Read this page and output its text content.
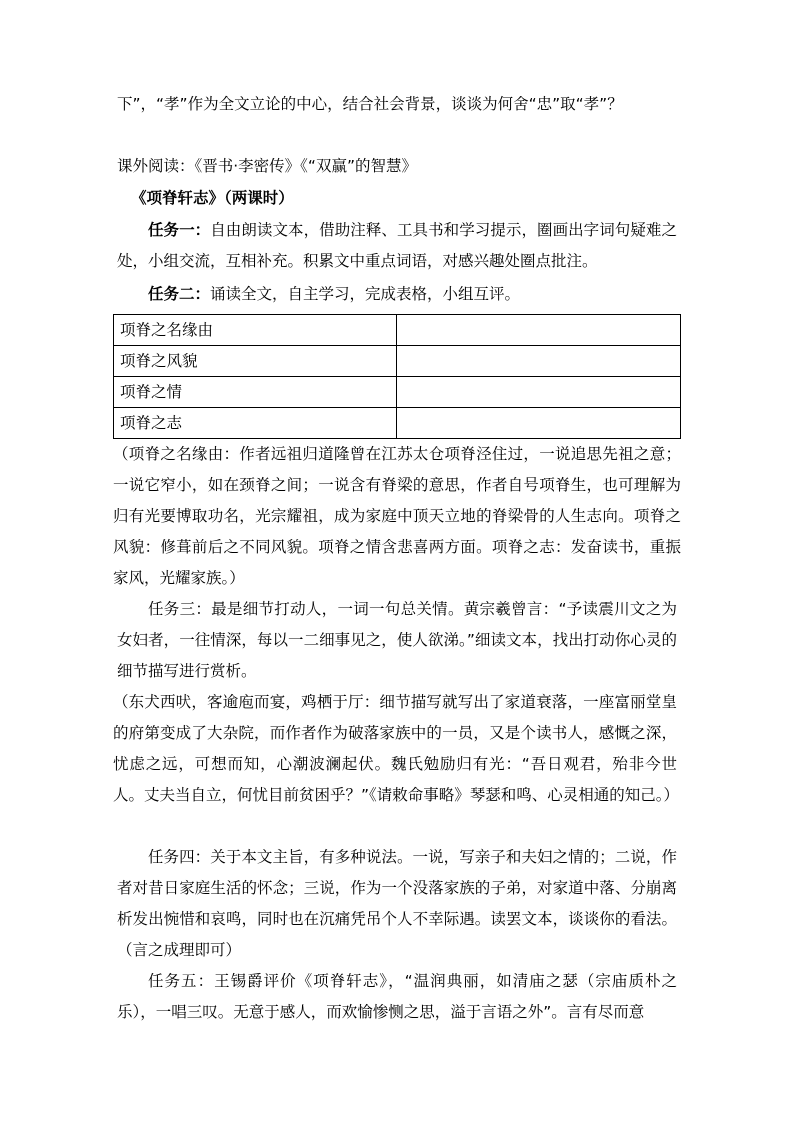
下”，“孝”作为全文立论的中心，结合社会背景，谈谈为何舍“忠”取“孝”？

课外阅读：《晋书·李密传》《“双赢”的智慧》

《项脊轩志》（两课时）

任务一：自由朗读文本，借助注释、工具书和学习提示，圈画出字词句疑难之处，小组交流，互相补充。积累文中重点词语，对感兴趣处圈点批注。

任务二：诵读全文，自主学习，完成表格，小组互评。

项脊之名缘由	
项脊之风貌	
项脊之情	
项脊之志	

（项脊之名缘由：作者远祖归道隆曾在江苏太仓项脊泾住过，一说追思先祖之意；一说它窄小，如在颈脊之间；一说含有脊梁的意思，作者自号项脊生，也可理解为归有光要博取功名，光宗耀祖，成为家庭中顶天立地的脊梁骨的人生志向。项脊之风貌：修葺前后之不同风貌。项脊之情含悲喜两方面。项脊之志：发奋读书，重振家风，光耀家族。）

任务三：最是细节打动人，一词一句总关情。黄宗羲曾言：“予读震川文之为女妇者，一往情深，每以一二细事见之，使人欲涕。”细读文本，找出打动你心灵的细节描写进行赏析。

（东犬西吠，客逾庖而宴，鸡栖于厅：细节描写就写出了家道衰落，一座富丽堂皇的府第变成了大杂院，而作者作为破落家族中的一员，又是个读书人，感慨之深，忧虑之远，可想而知，心潮波澜起伏。魏氏勉励归有光：“吾日观君，殆非今世人。丈夫当自立，何忧目前贫困乎？”《请敕命事略》琴瑟和鸣、心灵相通的知己。）

任务四：关于本文主旨，有多种说法。一说，写亲子和夫妇之情的；二说，作者对昔日家庭生活的怀念；三说，作为一个没落家族的子弟，对家道中落、分崩离析发出惋惜和哀鸣，同时也在沉痛凭吊个人不幸际遇。读罢文本，谈谈你的看法。（言之成理即可）

任务五：王锡爵评价《项脊轩志》，“温润典丽，如清庙之瑟（宗庙质朴之乐），一唱三叹。无意于感人，而欢愉惨恻之思，溢于言语之外”。言有尽而意
